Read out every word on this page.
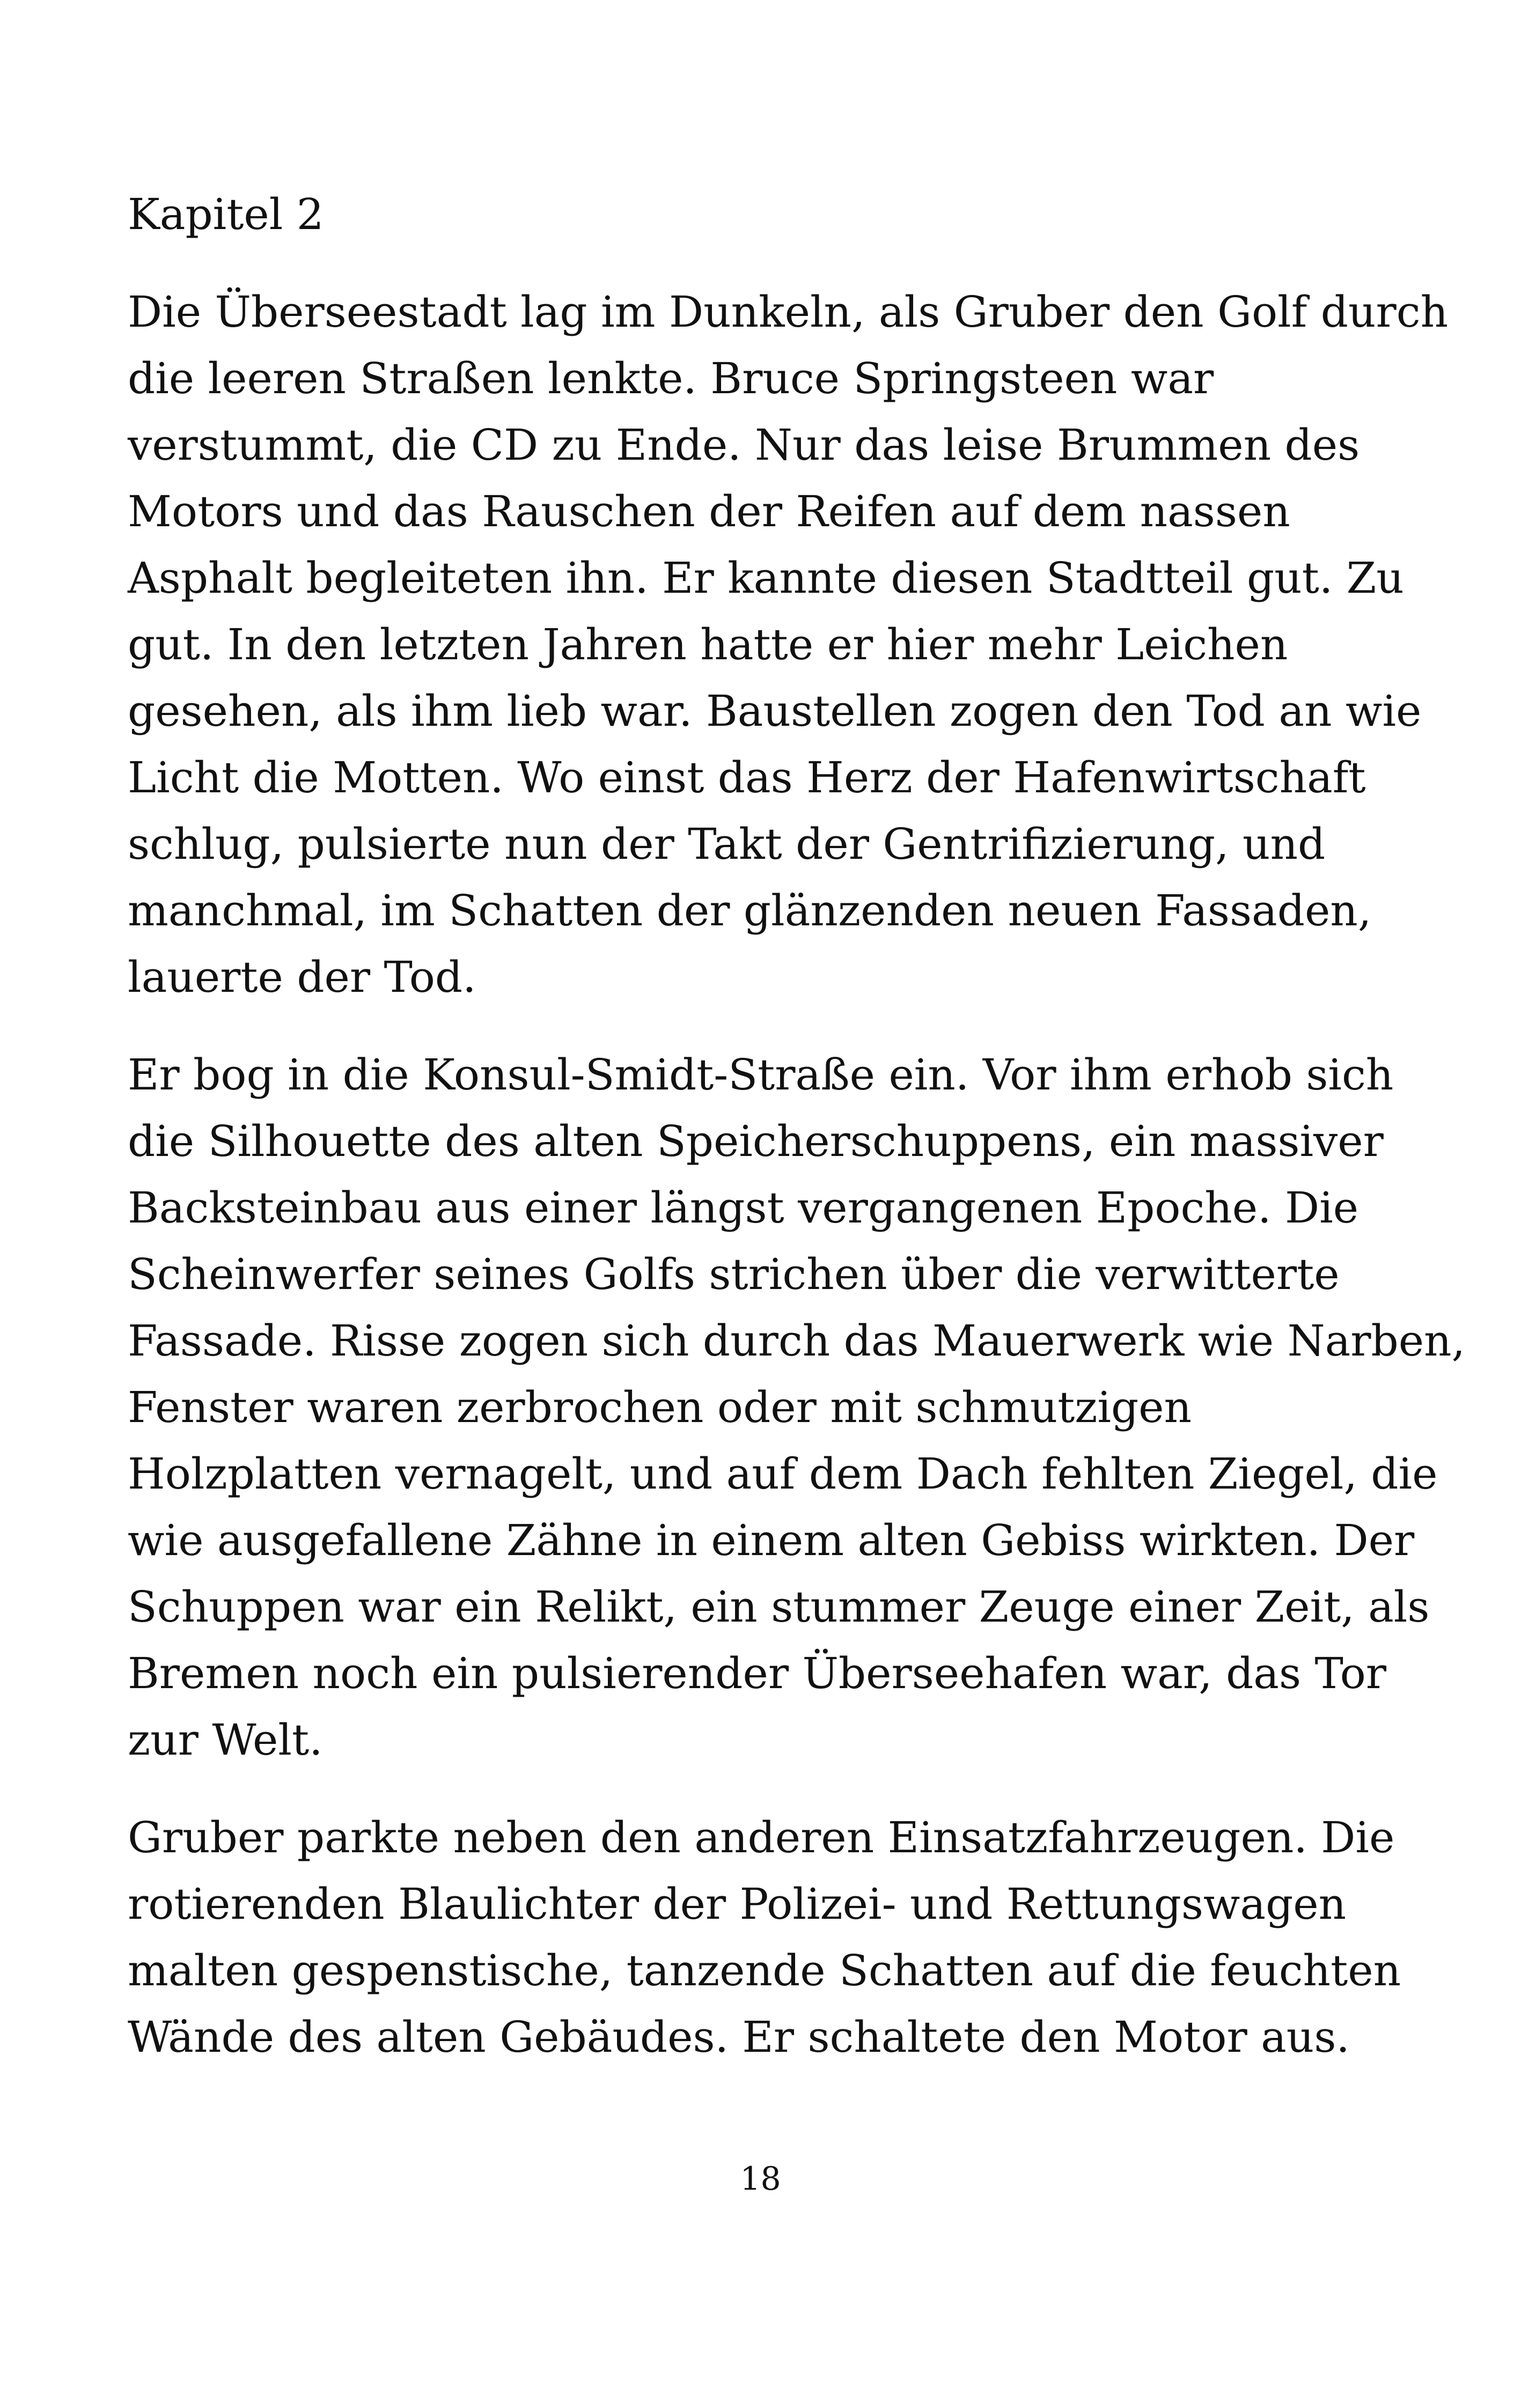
Kapitel 2
Die Überseestadt lag im Dunkeln, als Gruber den Golf durch
die leeren Straßen lenkte. Bruce Springsteen war
verstummt, die CD zu Ende. Nur das leise Brummen des
Motors und das Rauschen der Reifen auf dem nassen
Asphalt begleiteten ihn. Er kannte diesen Stadtteil gut. Zu
gut. In den letzten Jahren hatte er hier mehr Leichen
gesehen, als ihm lieb war. Baustellen zogen den Tod an wie
Licht die Motten. Wo einst das Herz der Hafenwirtschaft
schlug, pulsierte nun der Takt der Gentrifizierung, und
manchmal, im Schatten der glänzenden neuen Fassaden,
lauerte der Tod.
Er bog in die Konsul-Smidt-Straße ein. Vor ihm erhob sich
die Silhouette des alten Speicherschuppens, ein massiver
Backsteinbau aus einer längst vergangenen Epoche. Die
Scheinwerfer seines Golfs strichen über die verwitterte
Fassade. Risse zogen sich durch das Mauerwerk wie Narben,
Fenster waren zerbrochen oder mit schmutzigen
Holzplatten vernagelt, und auf dem Dach fehlten Ziegel, die
wie ausgefallene Zähne in einem alten Gebiss wirkten. Der
Schuppen war ein Relikt, ein stummer Zeuge einer Zeit, als
Bremen noch ein pulsierender Überseehafen war, das Tor
zur Welt.
Gruber parkte neben den anderen Einsatzfahrzeugen. Die
rotierenden Blaulichter der Polizei- und Rettungswagen
malten gespenstische, tanzende Schatten auf die feuchten
Wände des alten Gebäudes. Er schaltete den Motor aus.
18
